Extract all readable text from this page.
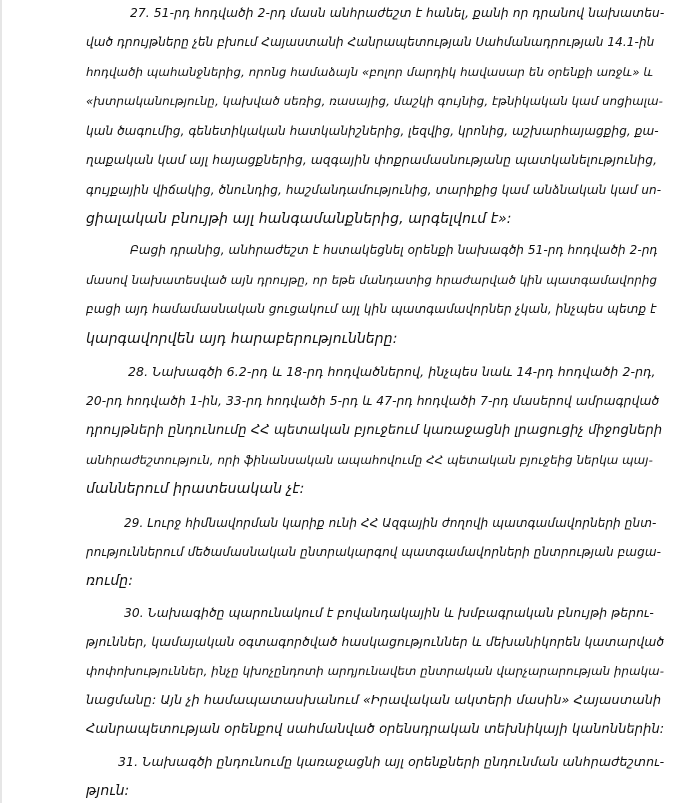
27. 51-րդ հոդվածի 2-րդ մասն անհրաժեշտ է հանել, քանի որ դրանով նախատես-
ված դրույթները չեն բխում Հայաստանի Հանրապետության Սահմանադրության 14.1-ին
հոդվածի պահանջներից, որոնց համաձայն «բոլոր մարդիկ հավասար են օրենքի առջև» և
«խտրականությունը, կախված սեռից, ռասայից, մաշկի գույնից, էթնիկական կամ սոցիալա-
կան ծագումից, գենետիկական հատկանիշներից, լեզվից, կրոնից, աշխարհայացքից, քա-
ղաքական կամ այլ հայացքներից, ազգային փոքրամասնությանը պատկանելությունից,
գույքային վիճակից, ծնունդից, հաշմանդամությունից, տարիքից կամ անձնական կամ սո-
ցիալական բնույթի այլ հանգամանքներից, արգելվում է»:
Բացի դրանից, անհրաժեշտ է հստակեցնել օրենքի նախագծի 51-րդ հոդվածի 2-րդ
մասով նախատեսված այն դրույթը, որ եթե մանդատից հրաժարված կին պատգամավորից
բացի այդ համամասնական ցուցակում այլ կին պատգամավորներ չկան, ինչպես պետք է
կարգավորվեն այդ հարաբերությունները:
28. Նախագծի 6.2-րդ և 18-րդ հոդվածներով, ինչպես նաև 14-րդ հոդվածի 2-րդ,
20-րդ հոդվածի 1-ին, 33-րդ հոդվածի 5-րդ և 47-րդ հոդվածի 7-րդ մասերով ամրագրված
դրույթների ընդունումը ՀՀ պետական բյուջեում կառաջացնի լրացուցիչ միջոցների
անհրաժեշտություն, որի ֆինանսական ապահովումը ՀՀ պետական բյուջեից ներկա պայ-
մաններում իրատեսական չէ:
29. Լուրջ հիմնավորման կարիք ունի ՀՀ Ազգային ժողովի պատգամավորների ընտ-
րություններում մեծամասնական ընտրակարգով պատգամավորների ընտրության բացա-
ռումը:
30. Նախագիծը պարունակում է բովանդակային և խմբագրական բնույթի թերու-
թյուններ, կամայական օգտագործված հասկացություններ և մեխանիկորեն կատարված
փոփոխություններ, ինչը կխոչընդոտի արդյունավետ ընտրական վարչարարության իրակա-
նացմանը: Այն չի համապատասխանում «Իրավական ակտերի մասին» Հայաստանի
Հանրապետության օրենքով սահմանված օրենսդրական տեխնիկայի կանոններին:
31. Նախագծի ընդունումը կառաջացնի այլ օրենքների ընդունման անհրաժեշտու-
թյուն:
